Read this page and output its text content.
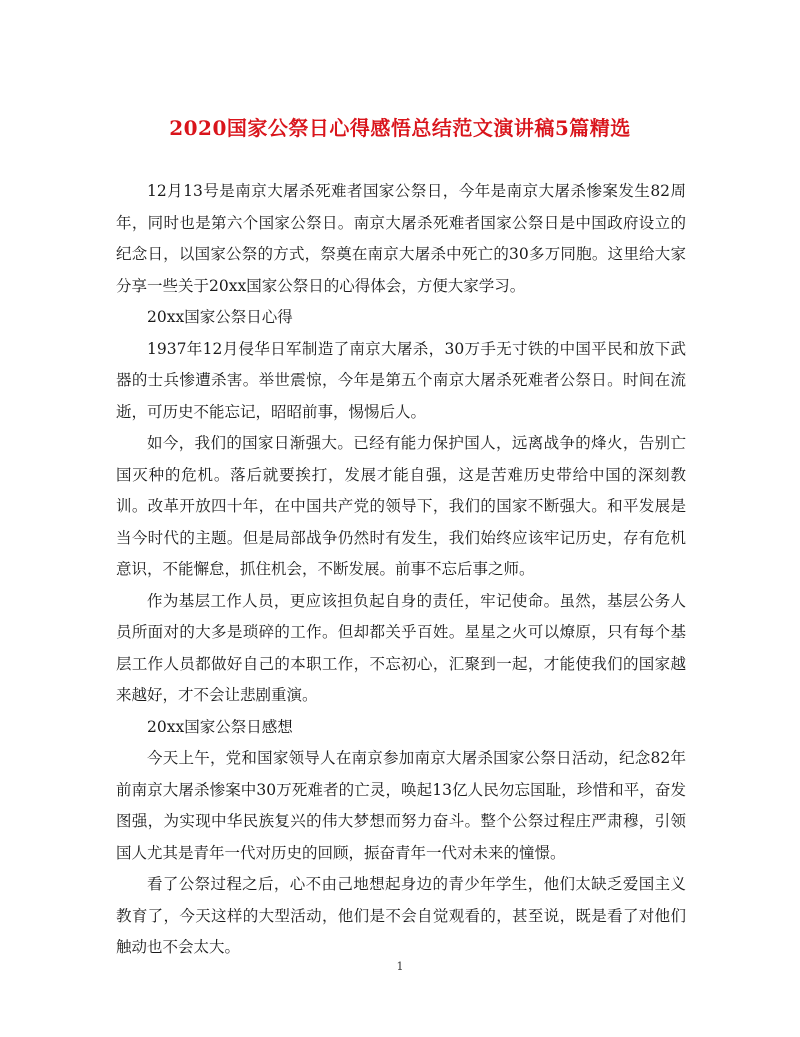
2020国家公祭日心得感悟总结范文演讲稿5篇精选

12月13号是南京大屠杀死难者国家公祭日，今年是南京大屠杀惨案发生82周年，同时也是第六个国家公祭日。南京大屠杀死难者国家公祭日是中国政府设立的纪念日，以国家公祭的方式，祭奠在南京大屠杀中死亡的30多万同胞。这里给大家分享一些关于20xx国家公祭日的心得体会，方便大家学习。

20xx国家公祭日心得

1937年12月侵华日军制造了南京大屠杀，30万手无寸铁的中国平民和放下武器的士兵惨遭杀害。举世震惊，今年是第五个南京大屠杀死难者公祭日。时间在流逝，可历史不能忘记，昭昭前事，惕惕后人。

如今，我们的国家日渐强大。已经有能力保护国人，远离战争的烽火，告别亡国灭种的危机。落后就要挨打，发展才能自强，这是苦难历史带给中国的深刻教训。改革开放四十年，在中国共产党的领导下，我们的国家不断强大。和平发展是当今时代的主题。但是局部战争仍然时有发生，我们始终应该牢记历史，存有危机意识，不能懈怠，抓住机会，不断发展。前事不忘后事之师。

作为基层工作人员，更应该担负起自身的责任，牢记使命。虽然，基层公务人员所面对的大多是琐碎的工作。但却都关乎百姓。星星之火可以燎原，只有每个基层工作人员都做好自己的本职工作，不忘初心，汇聚到一起，才能使我们的国家越来越好，才不会让悲剧重演。

20xx国家公祭日感想

今天上午，党和国家领导人在南京参加南京大屠杀国家公祭日活动，纪念82年前南京大屠杀惨案中30万死难者的亡灵，唤起13亿人民勿忘国耻，珍惜和平，奋发图强，为实现中华民族复兴的伟大梦想而努力奋斗。整个公祭过程庄严肃穆，引领国人尤其是青年一代对历史的回顾，振奋青年一代对未来的憧憬。

看了公祭过程之后，心不由己地想起身边的青少年学生，他们太缺乏爱国主义教育了，今天这样的大型活动，他们是不会自觉观看的，甚至说，既是看了对他们触动也不会太大。

1
